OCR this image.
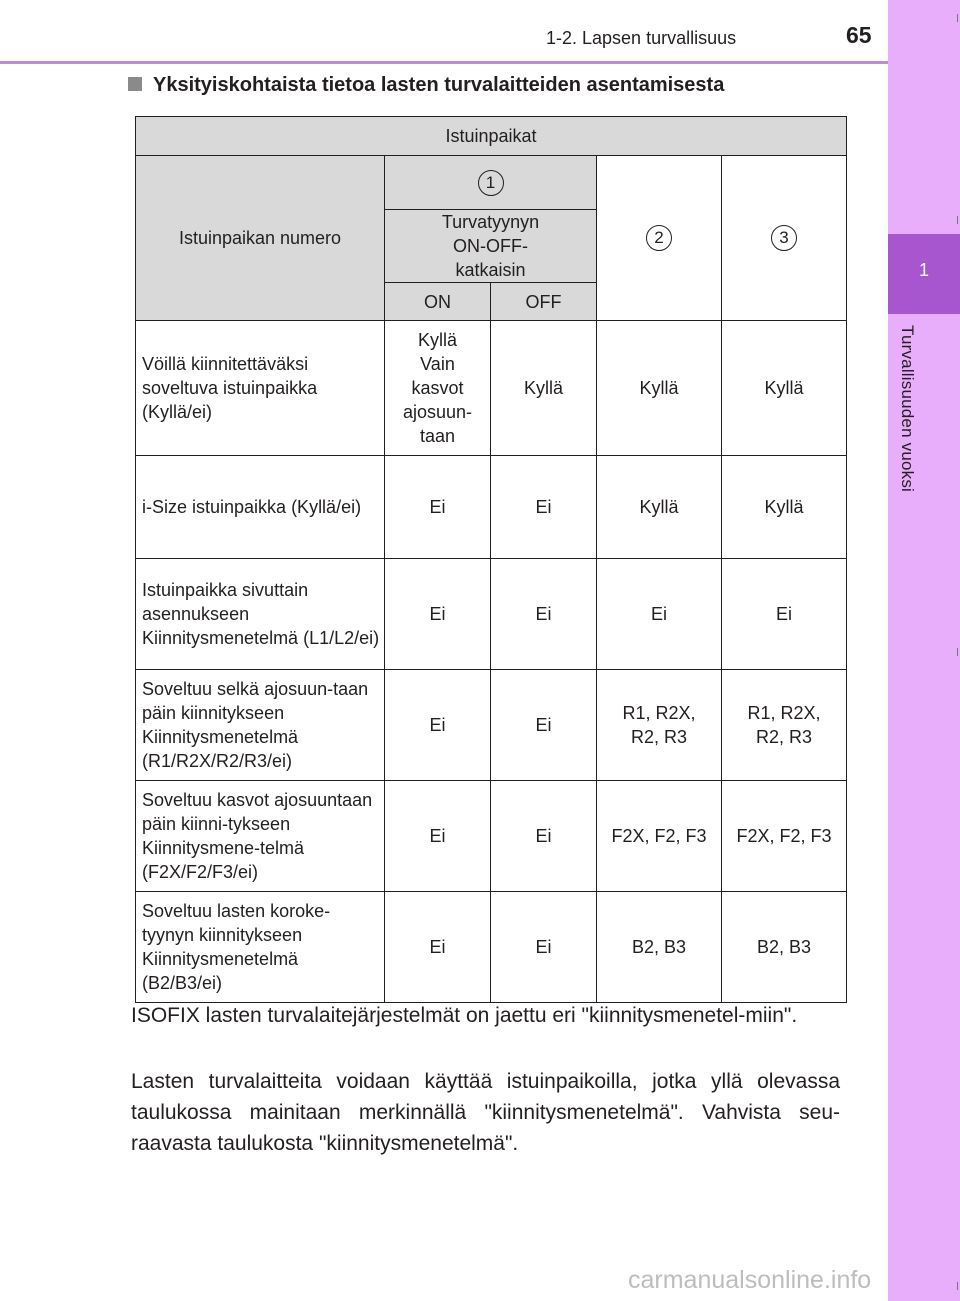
1-2. Lapsen turvallisuus	65
1
Turvallisuuden vuoksi
Yksityiskohtaista tietoa lasten turvalaitteiden asentamisesta
Istuinpaikat				
Istuinpaikan numero	1		2	3
	Turvatyynyn ON-OFF-katkaisin			
	ON	OFF		
Vöillä kiinnitettäväksi soveltuva istuinpaikka (Kyllä/ei)	Kyllä Vain kasvot ajosuun-taan	Kyllä	Kyllä	Kyllä
i-Size istuinpaikka (Kyllä/ei)	Ei	Ei	Kyllä	Kyllä
Istuinpaikka sivuttain asennukseen Kiinnitysmenetelmä (L1/L2/ei)	Ei	Ei	Ei	Ei
Soveltuu selkä ajosuun-taan päin kiinnitykseen Kiinnitysmenetelmä (R1/R2X/R2/R3/ei)	Ei	Ei	R1, R2X, R2, R3	R1, R2X, R2, R3
Soveltuu kasvot ajosuuntaan päin kiinni-tykseen Kiinnitysmene-telmä (F2X/F2/F3/ei)	Ei	Ei	F2X, F2, F3	F2X, F2, F3
Soveltuu lasten koroke-tyynyn kiinnitykseen Kiinnitysmenetelmä (B2/B3/ei)	Ei	Ei	B2, B3	B2, B3

ISOFIX lasten turvalaitejärjestelmät on jaettu eri "kiinnitysmenetel-miin".

Lasten turvalaitteita voidaan käyttää istuinpaikoilla, jotka yllä olevassa taulukossa mainitaan merkinnällä "kiinnitysmenetelmä". Vahvista seu-raavasta taulukosta "kiinnitysmenetelmä".

carmanualsonline.info
